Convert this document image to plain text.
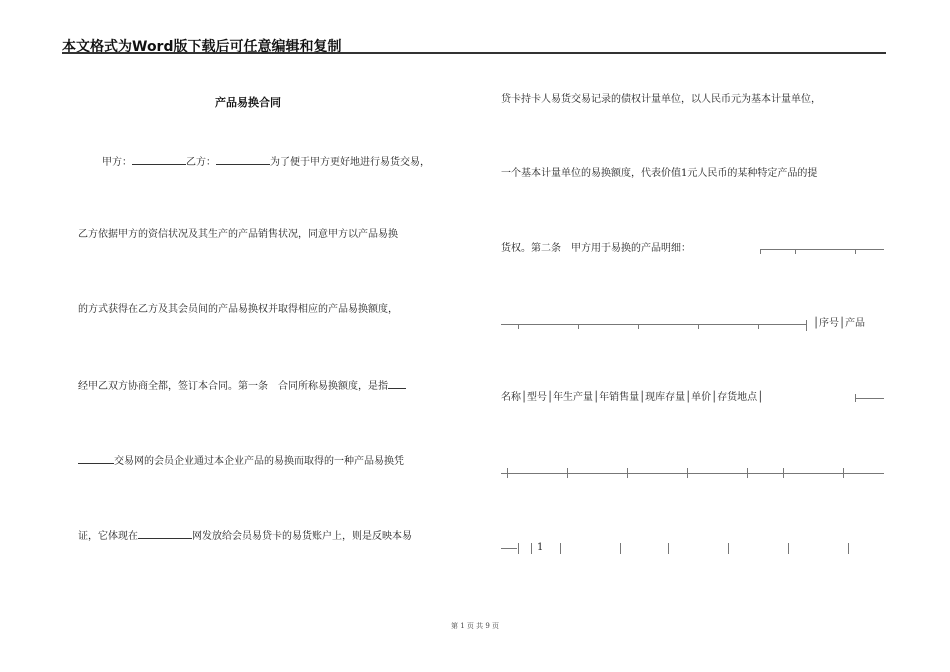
本文格式为Word版下载后可任意编辑和复制
产品易换合同
甲方：	乙方：	为了便于甲方更好地进行易货交易，
乙方依据甲方的资信状况及其生产的产品销售状况，同意甲方以产品易换
的方式获得在乙方及其会员间的产品易换权并取得相应的产品易换额度，
经甲乙双方协商全都，签订本合同。第一条　合同所称易换额度，是指
交易网的会员企业通过本企业产品的易换而取得的一种产品易换凭
证，它体现在	网发放给会员易贷卡的易货账户上，则是反映本易
贷卡持卡人易货交易记录的债权计量单位，以人民币元为基本计量单位，
一个基本计量单位的易换额度，代表价值1元人民币的某种特定产品的提
货权。第二条　甲方用于易换的产品明细：
│序号│产品
名称│型号│年生产量│年销售量│现库存量│单价│存货地点│
1
第 1 页 共 9 页
